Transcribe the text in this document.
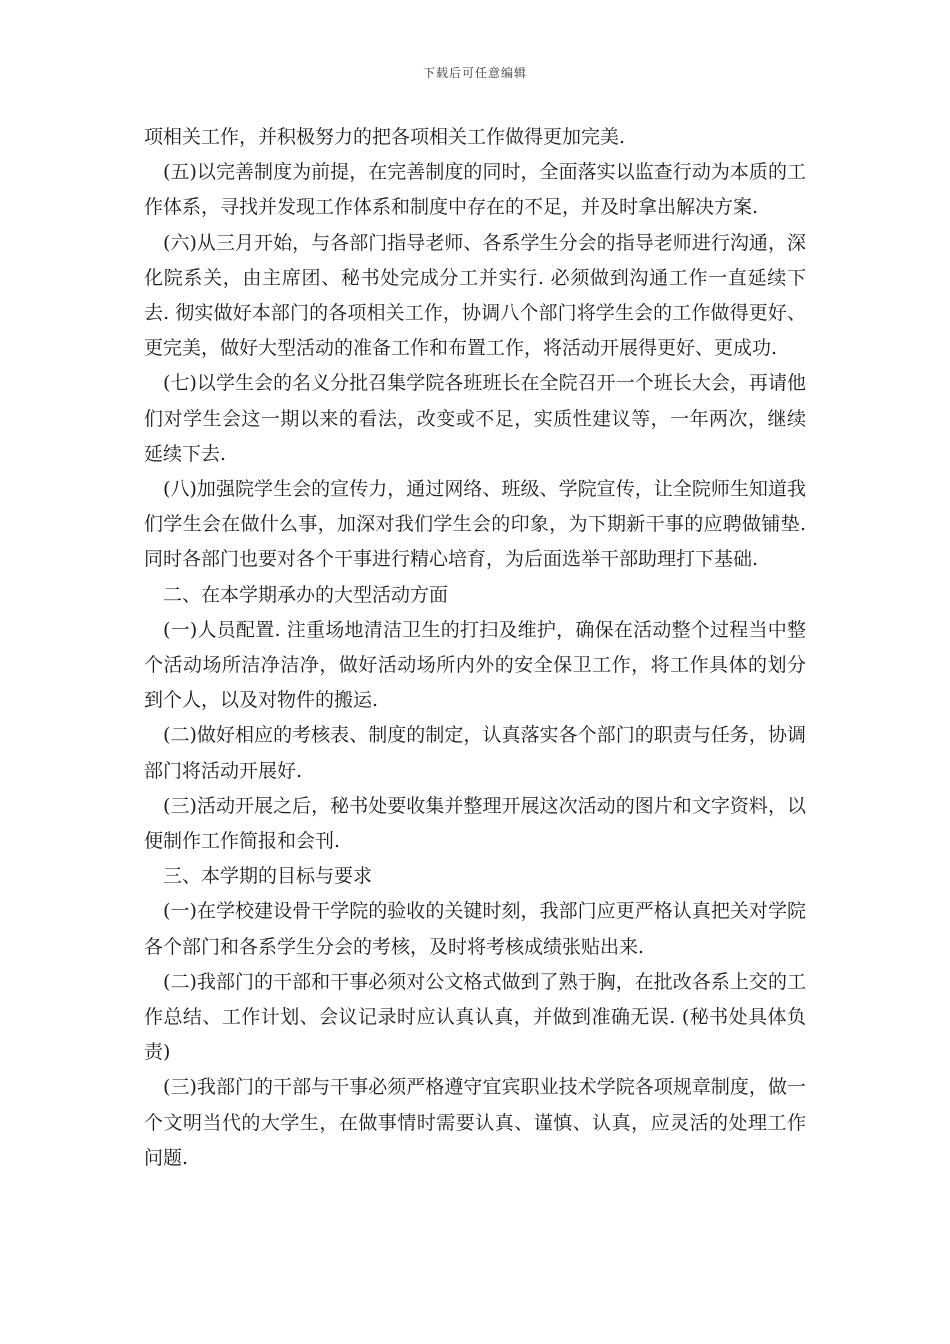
下载后可任意编辑

项相关工作，并积极努力的把各项相关工作做得更加完美.

(五)以完善制度为前提，在完善制度的同时，全面落实以监查行动为本质的工作体系，寻找并发现工作体系和制度中存在的不足，并及时拿出解决方案.

(六)从三月开始，与各部门指导老师、各系学生分会的指导老师进行沟通，深化院系关，由主席团、秘书处完成分工并实行. 必须做到沟通工作一直延续下去. 彻实做好本部门的各项相关工作，协调八个部门将学生会的工作做得更好、更完美，做好大型活动的准备工作和布置工作，将活动开展得更好、更成功.

(七)以学生会的名义分批召集学院各班班长在全院召开一个班长大会，再请他们对学生会这一期以来的看法，改变或不足，实质性建议等，一年两次，继续延续下去.

(八)加强院学生会的宣传力，通过网络、班级、学院宣传，让全院师生知道我们学生会在做什么事，加深对我们学生会的印象，为下期新干事的应聘做铺垫. 同时各部门也要对各个干事进行精心培育，为后面选举干部助理打下基础.

二、在本学期承办的大型活动方面

(一)人员配置. 注重场地清洁卫生的打扫及维护，确保在活动整个过程当中整个活动场所洁净洁净，做好活动场所内外的安全保卫工作，将工作具体的划分到个人，以及对物件的搬运.

(二)做好相应的考核表、制度的制定，认真落实各个部门的职责与任务，协调部门将活动开展好.

(三)活动开展之后，秘书处要收集并整理开展这次活动的图片和文字资料，以便制作工作简报和会刊.

三、本学期的目标与要求

(一)在学校建设骨干学院的验收的关键时刻，我部门应更严格认真把关对学院各个部门和各系学生分会的考核，及时将考核成绩张贴出来.

(二)我部门的干部和干事必须对公文格式做到了熟于胸，在批改各系上交的工作总结、工作计划、会议记录时应认真认真，并做到准确无误. (秘书处具体负责)

(三)我部门的干部与干事必须严格遵守宜宾职业技术学院各项规章制度，做一个文明当代的大学生，在做事情时需要认真、谨慎、认真，应灵活的处理工作问题.
